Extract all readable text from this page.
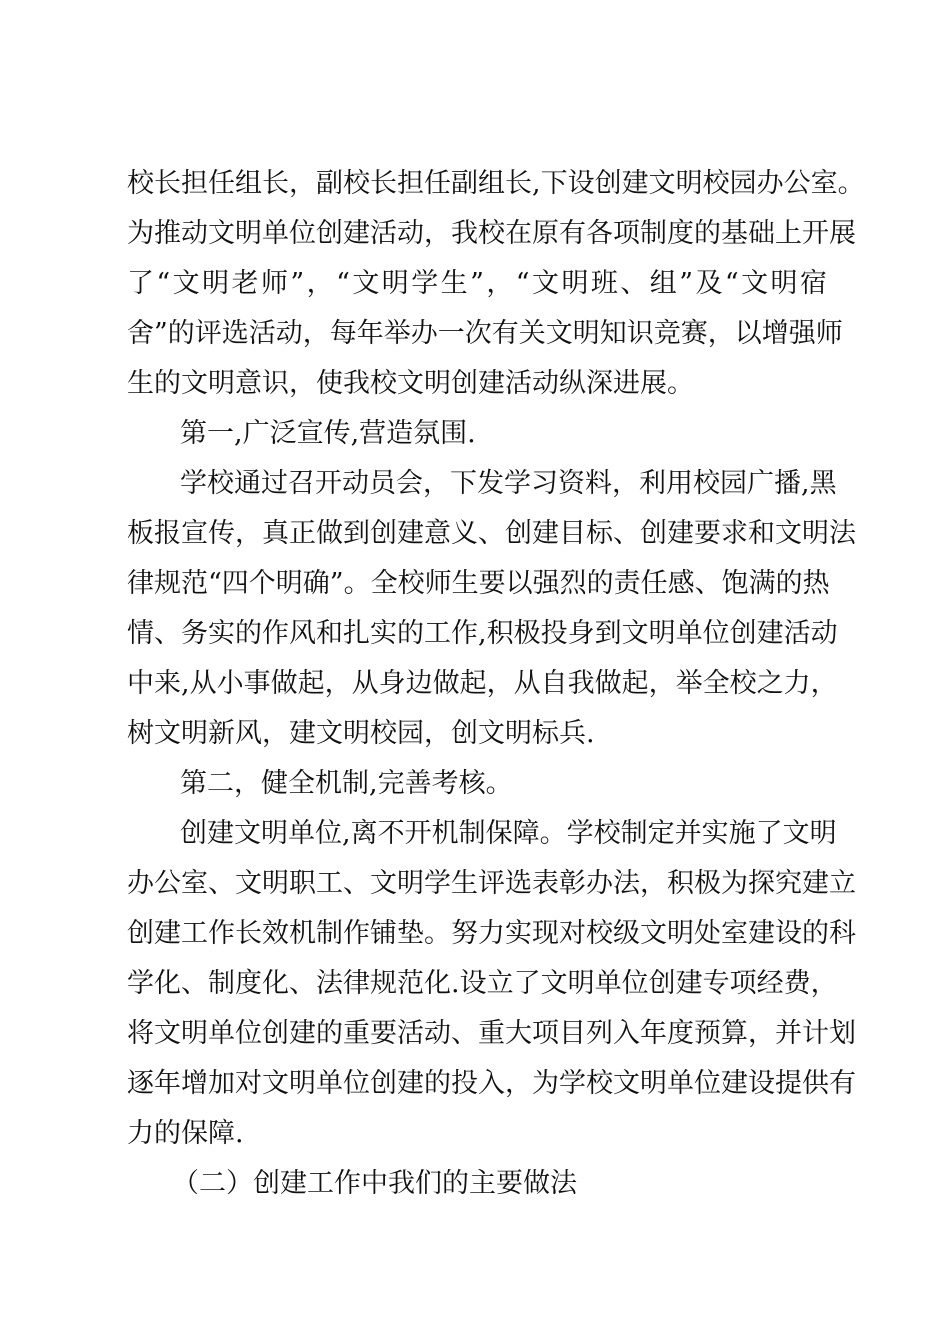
校长担任组长，副校长担任副组长,下设创建文明校园办公室。
为推动文明单位创建活动，我校在原有各项制度的基础上开展
了“文明老师”，“文明学生”，“文明班、组”及“文明宿
舍”的评选活动，每年举办一次有关文明知识竞赛，以增强师
生的文明意识，使我校文明创建活动纵深进展。
第一,广泛宣传,营造氛围.
学校通过召开动员会，下发学习资料，利用校园广播,黑
板报宣传，真正做到创建意义、创建目标、创建要求和文明法
律规范“四个明确”。全校师生要以强烈的责任感、饱满的热
情、务实的作风和扎实的工作,积极投身到文明单位创建活动
中来,从小事做起，从身边做起，从自我做起，举全校之力，
树文明新风，建文明校园，创文明标兵.
第二，健全机制,完善考核。
创建文明单位,离不开机制保障。学校制定并实施了文明
办公室、文明职工、文明学生评选表彰办法，积极为探究建立
创建工作长效机制作铺垫。努力实现对校级文明处室建设的科
学化、制度化、法律规范化.设立了文明单位创建专项经费，
将文明单位创建的重要活动、重大项目列入年度预算，并计划
逐年增加对文明单位创建的投入，为学校文明单位建设提供有
力的保障.
（二）创建工作中我们的主要做法
